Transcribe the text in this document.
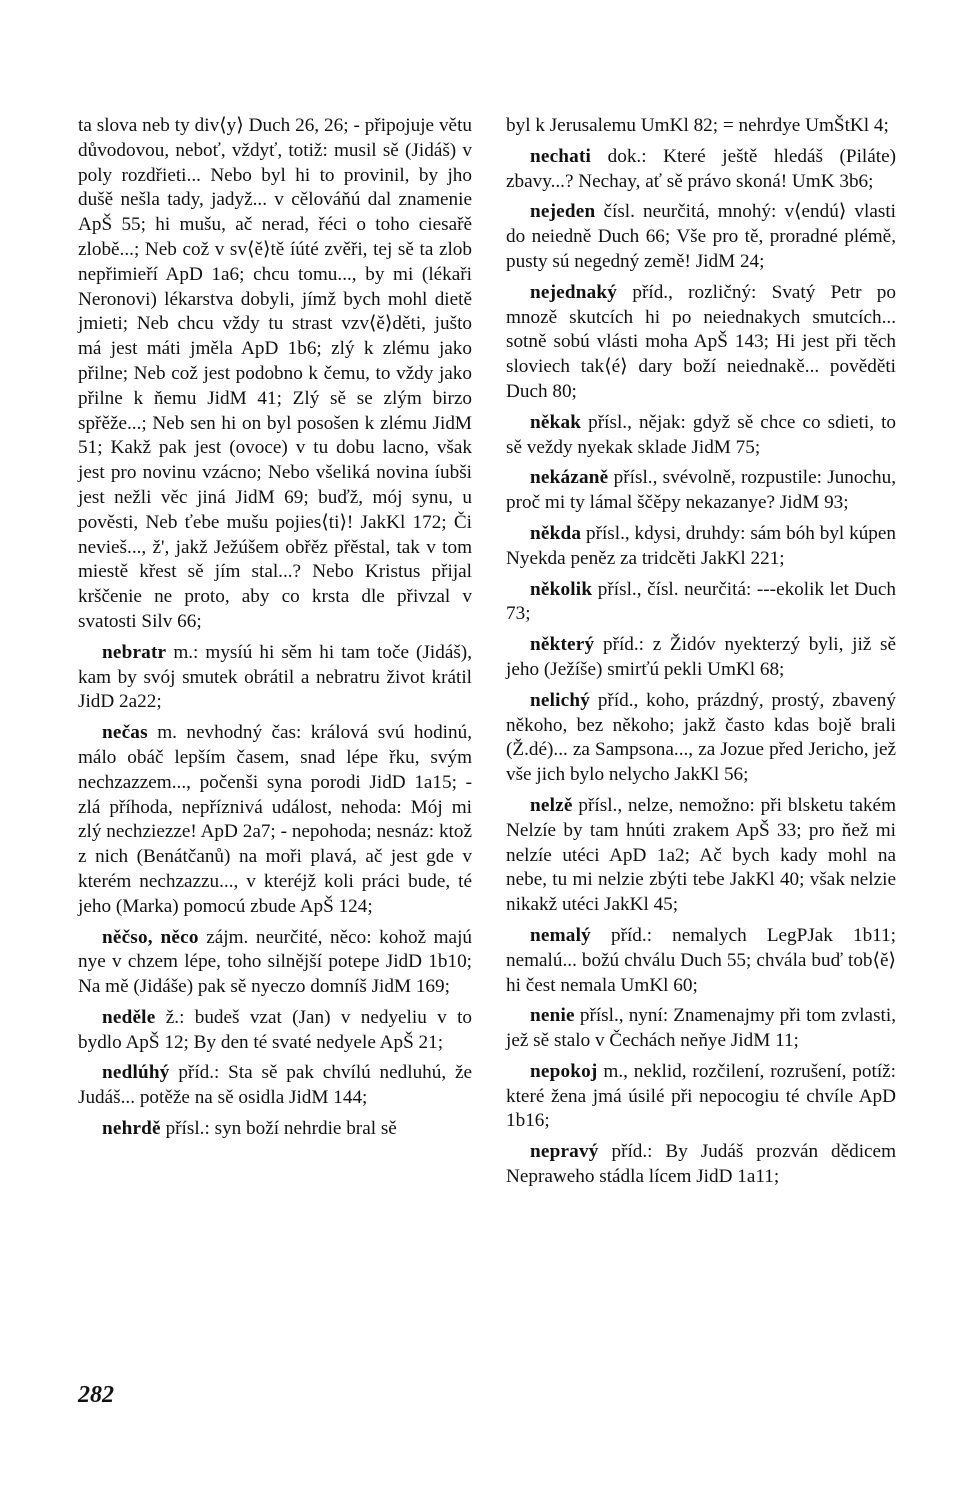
ta slova neb ty div⟨y⟩ Duch 26, 26; - připojuje větu důvodovou, neboť, vždyť, totiž: musil sě (Jidáš) v poly rozdřieti... Nebo byl hi to provinil, by jho dušě nešla tady, jadyž... v cělováňú dal znamenie ApŠ 55; hi mušu, ač nerad, řéci o toho ciesařě zlobě...; Neb což v sv⟨ě⟩tě íúté zvěři, tej sě ta zlob nepřimieří ApD 1a6; chcu tomu..., by mi (lékaři Neronovi) lékarstva dobyli, jímž bych mohl dietě jmieti; Neb chcu vždy tu strast vzv⟨ě⟩děti, jušto má jest máti jměla ApD 1b6; zlý k zlému jako přilne; Neb což jest podobno k čemu, to vždy jako přilne k ňemu JidM 41; Zlý sě se zlým birzo spřěže...; Neb sen hi on byl posošen k zlému JidM 51; Kakž pak jest (ovoce) v tu dobu lacno, však jest pro novinu vzácno; Nebo všeliká novina íubši jest nežli věc jiná JidM 69; buďž, mój synu, u pověsti, Neb ťebe mušu pojies⟨ti⟩! JakKl 172; Či nevieš..., ž', jakž Ježúšem obřěz přěstal, tak v tom miestě křest sě jím stal...? Nebo Kristus přijal krščenie ne proto, aby co krsta dle přivzal v svatosti Silv 66;

nebratr m.: mysíú hi sěm hi tam toče (Jidáš), kam by svój smutek obrátil a nebratru život krátil JidD 2a22;

nečas m. nevhodný čas: králová svú hodinú, málo obáč lepším časem, snad lépe řku, svým nechzazzem..., počenši syna porodi JidD 1a15; - zlá příhoda, nepříznivá událost, nehoda: Mój mi zlý nechziezze! ApD 2a7; - nepohoda; nesnáz: ktož z nich (Benátčanů) na moři plavá, ač jest gde v kterém nechzazzu..., v kteréjž koli práci bude, té jeho (Marka) pomocú zbude ApŠ 124;

něčso, něco zájm. neurčité, něco: kohož majú nye v chzem lépe, toho silnější potepe JidD 1b10; Na mě (Jidáše) pak sě nyeczo domníš JidM 169;

neděle ž.: budeš vzat (Jan) v nedyeliu v to bydlo ApŠ 12; By den té svaté nedyele ApŠ 21;

nedlúhý příd.: Sta sě pak chvílú nedluhú, že Judáš... potěže na sě osidla JidM 144;

nehrdě přísl.: syn boží nehrdie bral sě

byl k Jerusalemu UmKl 82; = nehrdye UmŠtKl 4;

nechati dok.: Které ještě hledáš (Piláte) zbavy...? Nechay, ať sě právo skoná! UmK 3b6;

nejeden čísl. neurčitá, mnohý: v⟨endú⟩ vlasti do neiedně Duch 66; Vše pro tě, proradné plémě, pusty sú negedný země! JidM 24;

nejednaký příd., rozličný: Svatý Petr po mnozě skutcích hi po neiednakych smutcích... sotně sobú vlásti moha ApŠ 143; Hi jest při těch sloviech tak⟨é⟩ dary boží neiednakě... pověděti Duch 80;

někak přísl., nějak: gdyž sě chce co sdieti, to sě veždy nyekak sklade JidM 75;

nekázaně přísl., svévolně, rozpustile: Junochu, proč mi ty lámal ščěpy nekazanye? JidM 93;

někda přísl., kdysi, druhdy: sám bóh byl kúpen Nyekda peněz za tridcěti JakKl 221;

několik přísl., čísl. neurčitá: ---ekolik let Duch 73;

některý příd.: z Židóv nyekterzý byli, již sě jeho (Ježíše) smirťú pekli UmKl 68;

nelichý příd., koho, prázdný, prostý, zbavený někoho, bez někoho; jakž často kdas bojě brali (Ž.dé)... za Sampsona..., za Jozue před Jericho, jež vše jich bylo nelycho JakKl 56;

nelzě přísl., nelze, nemožno: při blsketu takém Nelzíe by tam hnúti zrakem ApŠ 33; pro ňež mi nelzíe utéci ApD 1a2; Ač bych kady mohl na nebe, tu mi nelzie zbýti tebe JakKl 40; však nelzie nikakž utéci JakKl 45;

nemalý příd.: nemalych LegPJak 1b11; nemalú... božú chválu Duch 55; chvála buď tob⟨ě⟩ hi čest nemala UmKl 60;

nenie přísl., nyní: Znamenajmy při tom zvlasti, jež sě stalo v Čechách neňye JidM 11;

nepokoj m., neklid, rozčilení, rozrušení, potíž: které žena jmá úsilé při nepocogiu té chvíle ApD 1b16;

nepravý příd.: By Judáš prozván dědicem Nepraweho stádla lícem JidD 1a11;

282
